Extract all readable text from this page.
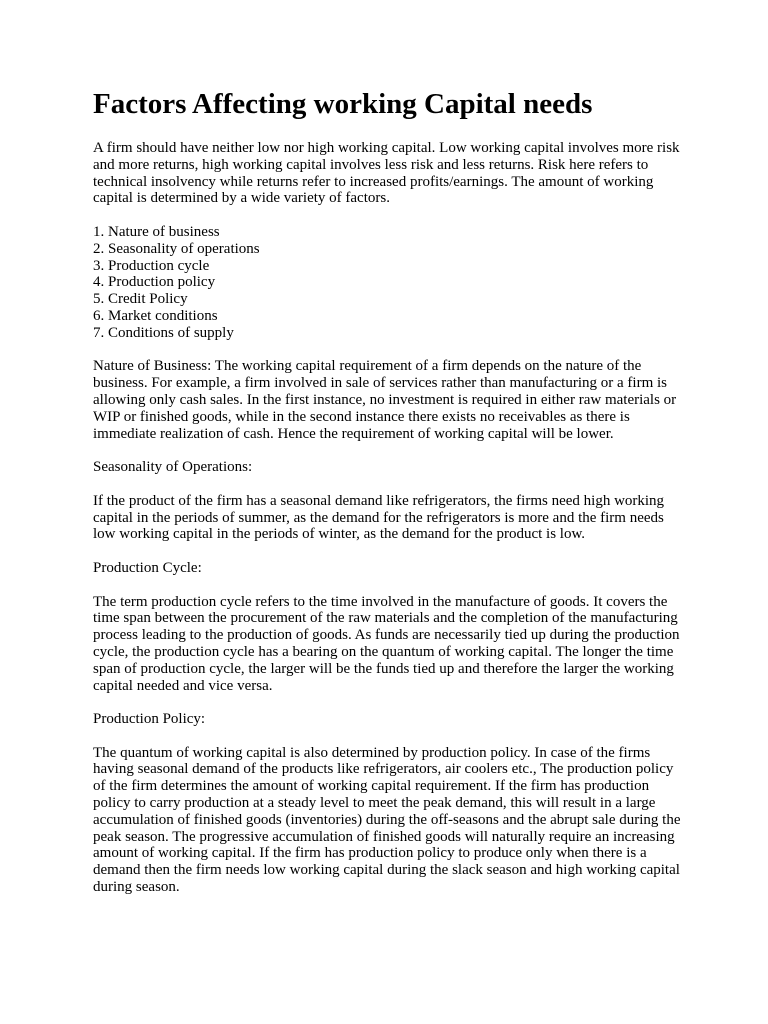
Factors Affecting working Capital needs

A firm should have neither low nor high working capital. Low working capital involves more risk and more returns, high working capital involves less risk and less returns. Risk here refers to technical insolvency while returns refer to increased profits/earnings. The amount of working capital is determined by a wide variety of factors.

1. Nature of business
2. Seasonality of operations
3. Production cycle
4. Production policy
5. Credit Policy
6. Market conditions
7. Conditions of supply

Nature of Business: The working capital requirement of a firm depends on the nature of the business. For example, a firm involved in sale of services rather than manufacturing or a firm is allowing only cash sales. In the first instance, no investment is required in either raw materials or WIP or finished goods, while in the second instance there exists no receivables as there is immediate realization of cash. Hence the requirement of working capital will be lower.

Seasonality of Operations:

If the product of the firm has a seasonal demand like refrigerators, the firms need high working capital in the periods of summer, as the demand for the refrigerators is more and the firm needs low working capital in the periods of winter, as the demand for the product is low.

Production Cycle:

The term production cycle refers to the time involved in the manufacture of goods. It covers the time span between the procurement of the raw materials and the completion of the manufacturing process leading to the production of goods. As funds are necessarily tied up during the production cycle, the production cycle has a bearing on the quantum of working capital. The longer the time span of production cycle, the larger will be the funds tied up and therefore the larger the working capital needed and vice versa.

Production Policy:

The quantum of working capital is also determined by production policy. In case of the firms having seasonal demand of the products like refrigerators, air coolers etc., The production policy of the firm determines the amount of working capital requirement. If the firm has production policy to carry production at a steady level to meet the peak demand, this will result in a large accumulation of finished goods (inventories) during the off-seasons and the abrupt sale during the peak season. The progressive accumulation of finished goods will naturally require an increasing amount of working capital. If the firm has production policy to produce only when there is a demand then the firm needs low working capital during the slack season and high working capital during season.
